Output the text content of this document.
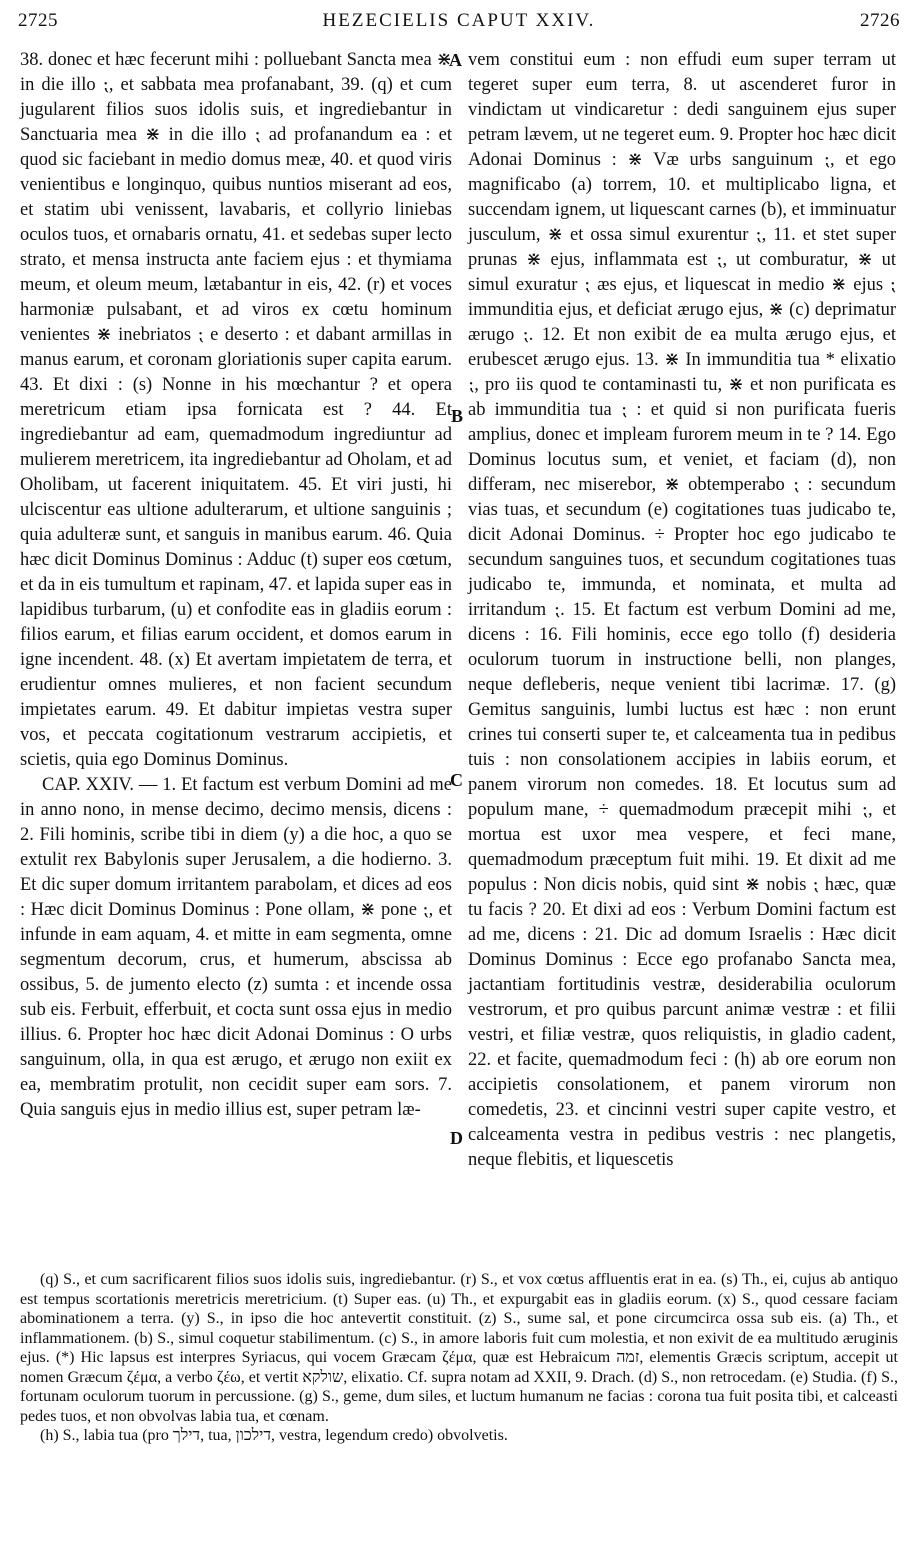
2725	HEZECIELIS CAPUT XXIV.	2726

38. donec et hæc fecerunt mihi : polluebant Sancta mea ⋇ in die illo ⁏, et sabbata mea profanabant, 39. (q) et cum jugularent filios suos idolis suis, et ingrediebantur in Sanctuaria mea ⋇ in die illo ⁏ ad profanandum ea : et quod sic faciebant in medio domus meæ, 40. et quod viris venientibus e longinquo, quibus nuntios miserant ad eos, et statim ubi venissent, lavabaris, et collyrio liniebas oculos tuos, et ornabaris ornatu, 41. et sedebas super lecto strato, et mensa instructa ante faciem ejus : et thymiama meum, et oleum meum, lætabantur in eis, 42. (r) et voces harmoniæ pulsabant, et ad viros ex cœtu hominum venientes ⋇ inebriatos ⁏ e deserto : et dabant armillas in manus earum, et coronam gloriationis super capita earum. 43. Et dixi : (s) Nonne in his mœchantur ? et opera meretricum etiam ipsa fornicata est ? 44. Et ingrediebantur ad eam, quemadmodum ingrediuntur ad mulierem meretricem, ita ingrediebantur ad Oholam, et ad Oholibam, ut facerent iniquitatem. 45. Et viri justi, hi ulciscentur eas ultione adulterarum, et ultione sanguinis ; quia adulteræ sunt, et sanguis in manibus earum. 46. Quia hæc dicit Dominus Dominus : Adduc (t) super eos cœtum, et da in eis tumultum et rapinam, 47. et lapida super eas in lapidibus turbarum, (u) et confodite eas in gladiis eorum : filios earum, et filias earum occident, et domos earum in igne incendent. 48. (x) Et avertam impietatem de terra, et erudientur omnes mulieres, et non facient secundum impietates earum. 49. Et dabitur impietas vestra super vos, et peccata cogitationum vestrarum accipietis, et scietis, quia ego Dominus Dominus.

CAP. XXIV. — 1. Et factum est verbum Domini ad me in anno nono, in mense decimo, decimo mensis, dicens : 2. Fili hominis, scribe tibi in diem (y) a die hoc, a quo se extulit rex Babylonis super Jerusalem, a die hodierno. 3. Et dic super domum irritantem parabolam, et dices ad eos : Hæc dicit Dominus Dominus : Pone ollam, ⋇ pone ⁏, et infunde in eam aquam, 4. et mitte in eam segmenta, omne segmentum decorum, crus, et humerum, abscissa ab ossibus, 5. de jumento electo (z) sumta : et incende ossa sub eis. Ferbuit, efferbuit, et cocta sunt ossa ejus in medio illius. 6. Propter hoc hæc dicit Adonai Dominus : O urbs sanguinum, olla, in qua est ærugo, et ærugo non exiit ex ea, membratim protulit, non cecidit super eam sors. 7. Quia sanguis ejus in medio illius est, super petram læ-

A
B
C
D

vem constitui eum : non effudi eum super terram ut tegeret super eum terra, 8. ut ascenderet furor in vindictam ut vindicaretur : dedi sanguinem ejus super petram lævem, ut ne tegeret eum. 9. Propter hoc hæc dicit Adonai Dominus : ⋇ Væ urbs sanguinum ⁏, et ego magnificabo (a) torrem, 10. et multiplicabo ligna, et succendam ignem, ut liquescant carnes (b), et imminuatur jusculum, ⋇ et ossa simul exurentur ⁏, 11. et stet super prunas ⋇ ejus, inflammata est ⁏, ut comburatur, ⋇ ut simul exuratur ⁏ æs ejus, et liquescat in medio ⋇ ejus ⁏ immunditia ejus, et deficiat ærugo ejus, ⋇ (c) deprimatur ærugo ⁏. 12. Et non exibit de ea multa ærugo ejus, et erubescet ærugo ejus. 13. ⋇ In immunditia tua * elixatio ⁏, pro iis quod te contaminasti tu, ⋇ et non purificata es ab immunditia tua ⁏ : et quid si non purificata fueris amplius, donec et impleam furorem meum in te ? 14. Ego Dominus locutus sum, et veniet, et faciam (d), non differam, nec miserebor, ⋇ obtemperabo ⁏ : secundum vias tuas, et secundum (e) cogitationes tuas judicabo te, dicit Adonai Dominus. ÷ Propter hoc ego judicabo te secundum sanguines tuos, et secundum cogitationes tuas judicabo te, immunda, et nominata, et multa ad irritandum ⁏. 15. Et factum est verbum Domini ad me, dicens : 16. Fili hominis, ecce ego tollo (f) desideria oculorum tuorum in instructione belli, non planges, neque defleberis, neque venient tibi lacrimæ. 17. (g) Gemitus sanguinis, lumbi luctus est hæc : non erunt crines tui conserti super te, et calceamenta tua in pedibus tuis : non consolationem accipies in labiis eorum, et panem virorum non comedes. 18. Et locutus sum ad populum mane, ÷ quemadmodum præcepit mihi ⁏, et mortua est uxor mea vespere, et feci mane, quemadmodum præceptum fuit mihi. 19. Et dixit ad me populus : Non dicis nobis, quid sint ⋇ nobis ⁏ hæc, quæ tu facis ? 20. Et dixi ad eos : Verbum Domini factum est ad me, dicens : 21. Dic ad domum Israelis : Hæc dicit Dominus Dominus : Ecce ego profanabo Sancta mea, jactantiam fortitudinis vestræ, desiderabilia oculorum vestrorum, et pro quibus parcunt animæ vestræ : et filii vestri, et filiæ vestræ, quos reliquistis, in gladio cadent, 22. et facite, quemadmodum feci : (h) ab ore eorum non accipietis consolationem, et panem virorum non comedetis, 23. et cincinni vestri super capite vestro, et calceamenta vestra in pedibus vestris : nec plangetis, neque flebitis, et liquescetis

(q) S., et cum sacrificarent filios suos idolis suis, ingrediebantur. (r) S., et vox cœtus affluentis erat in ea. (s) Th., ei, cujus ab antiquo est tempus scortationis meretricis meretricium. (t) Super eas. (u) Th., et expurgabit eas in gladiis eorum. (x) S., quod cessare faciam abominationem a terra. (y) S., in ipso die hoc antevertit constituit. (z) S., sume sal, et pone circumcirca ossa sub eis. (a) Th., et inflammationem. (b) S., simul coquetur stabilimentum. (c) S., in amore laboris fuit cum molestia, et non exivit de ea multitudo æruginis ejus. (*) Hic lapsus est interpres Syriacus, qui vocem Græcam ζέμα, quæ est Hebraicum זמה, elementis Græcis scriptum, accepit ut nomen Græcum ζέμα, a verbo ζέω, et vertit שולקא, elixatio. Cf. supra notam ad XXII, 9. Drach. (d) S., non retrocedam. (e) Studia. (f) S., fortunam oculorum tuorum in percussione. (g) S., geme, dum siles, et luctum humanum ne facias : corona tua fuit posita tibi, et calceasti pedes tuos, et non obvolvas labia tua, et cœnam.

(h) S., labia tua (pro דילך, tua, דילכון, vestra, legendum credo) obvolvetis.
